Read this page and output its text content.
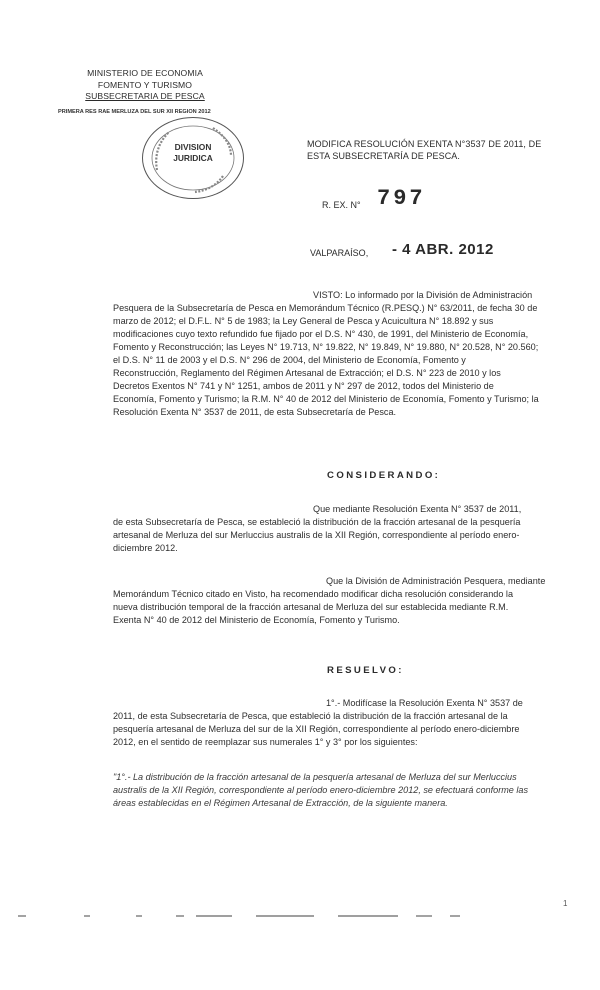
MINISTERIO DE ECONOMIA
FOMENTO Y TURISMO
SUBSECRETARIA DE PESCA
PRIMERA RES RAE MERLUZA DEL SUR XII REGION 2012
DIVISION
JURIDICA
MODIFICA RESOLUCIÓN EXENTA N°3537 DE 2011, DE
ESTA SUBSECRETARÍA DE PESCA.
R. EX. N° 797
VALPARAÍSO, - 4 ABR. 2012
VISTO: Lo informado por la División de Administración
Pesquera de la Subsecretaría de Pesca en Memorándum Técnico (R.PESQ.) N° 63/2011, de fecha 30 de
marzo de 2012; el D.F.L. N° 5 de 1983; la Ley General de Pesca y Acuicultura N° 18.892 y sus
modificaciones cuyo texto refundido fue fijado por el D.S. N° 430, de 1991, del Ministerio de Economía,
Fomento y Reconstrucción; las Leyes N° 19.713, N° 19.822, N° 19.849, N° 19.880, N° 20.528, N° 20.560;
el D.S. N° 11 de 2003 y el D.S. N° 296 de 2004, del Ministerio de Economía, Fomento y
Reconstrucción, Reglamento del Régimen Artesanal de Extracción; el D.S. N° 223 de 2010 y los
Decretos Exentos N° 741 y N° 1251, ambos de 2011 y N° 297 de 2012, todos del Ministerio de
Economía, Fomento y Turismo; la R.M. N° 40 de 2012 del Ministerio de Economía, Fomento y Turismo; la
Resolución Exenta N° 3537 de 2011, de esta Subsecretaría de Pesca.
CONSIDERANDO:
Que mediante Resolución Exenta N° 3537 de 2011,
de esta Subsecretaría de Pesca, se estableció la distribución de la fracción artesanal de la pesquería
artesanal de Merluza del sur Merluccius australis de la XII Región, correspondiente al período enero-
diciembre 2012.
Que la División de Administración Pesquera, mediante
Memorándum Técnico citado en Visto, ha recomendado modificar dicha resolución considerando la
nueva distribución temporal de la fracción artesanal de Merluza del sur establecida mediante R.M.
Exenta N° 40 de 2012 del Ministerio de Economía, Fomento y Turismo.
RESUELVO:
1°.- Modifícase la Resolución Exenta N° 3537 de
2011, de esta Subsecretaría de Pesca, que estableció la distribución de la fracción artesanal de la
pesquería artesanal de Merluza del sur de la XII Región, correspondiente al período enero-diciembre
2012, en el sentido de reemplazar sus numerales 1° y 3° por los siguientes:
"1°.- La distribución de la fracción artesanal de la pesquería artesanal de Merluza del sur Merluccius
australis de la XII Región, correspondiente al período enero-diciembre 2012, se efectuará conforme las
áreas establecidas en el Régimen Artesanal de Extracción, de la siguiente manera.
1
